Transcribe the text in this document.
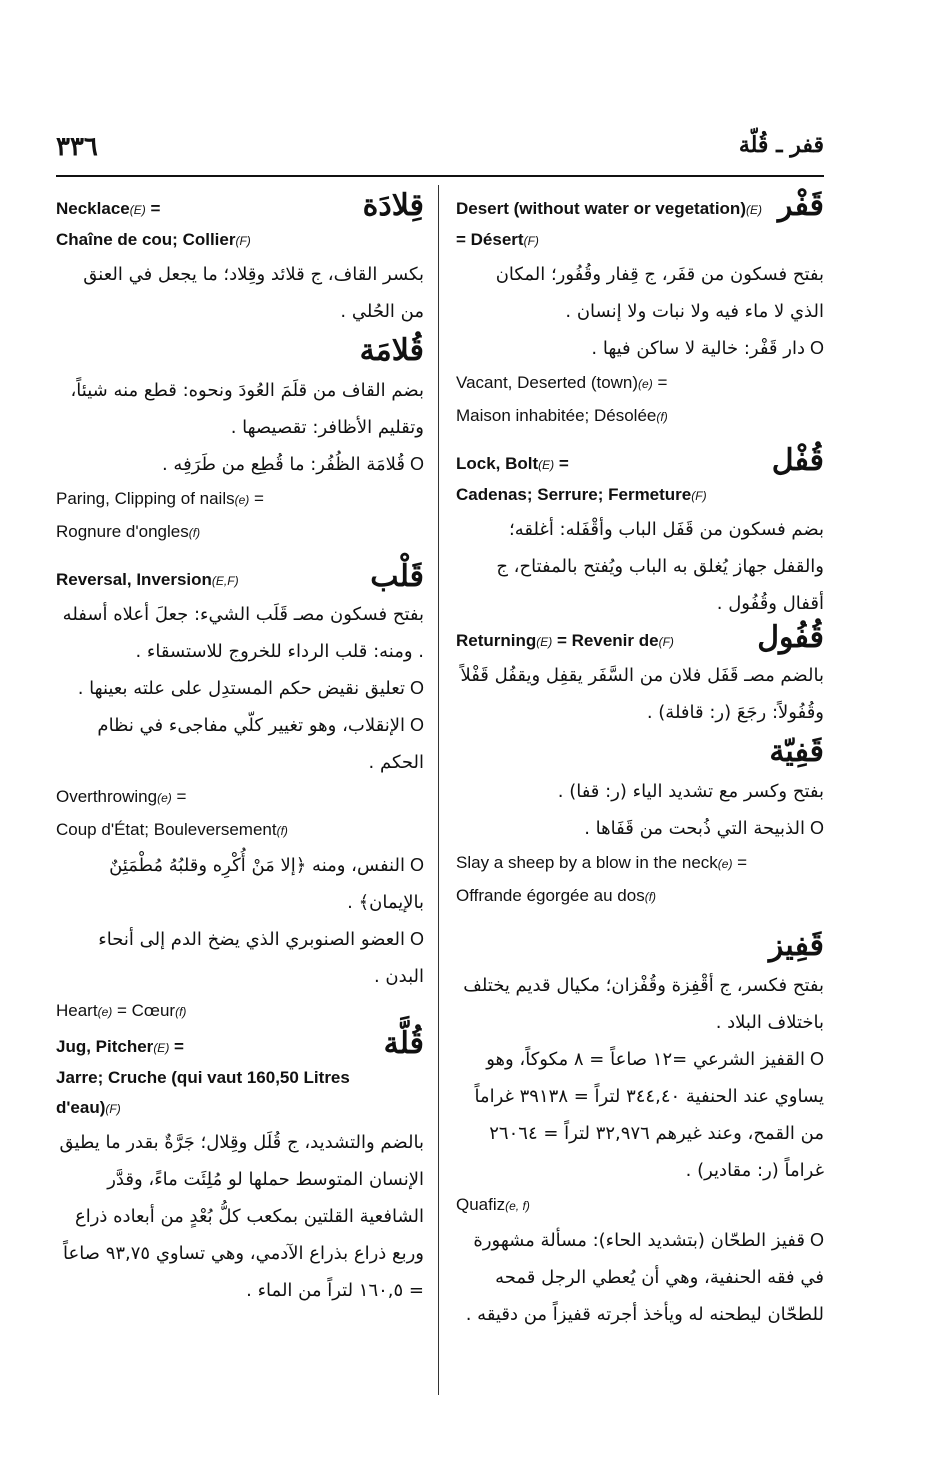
٣٣٦	قفر ـ قُلّة
قَفْر
Desert (without water or vegetation)(E) = Désert(F)
بفتح فسكون من قفَر، ج قِفار وقُفُور؛ المكان الذي لا ماء فيه ولا نبات ولا إنسان .
O دار قَفْر: خالية لا ساكن فيها .
Vacant, Deserted (town)(e) =
Maison inhabitée; Désolée(f)
قُفْل
Lock, Bolt(E) =
Cadenas; Serrure; Fermeture(F)
بضم فسكون من قَفَل الباب وأقْفَله: أغلقه؛ والقفل جهاز يُغلق به الباب ويُفتح بالمفتاح، ج أقفال وقُفُول .
قُفُول
Returning(E) = Revenir de(F)
بالضم مصـ قَفَل فلان من السَّفَر يقفِل ويقفُل قَفْلاً وقُفُولاً: رجَعَ (ر: قافلة) .
قَفِيّة
بفتح وكسر مع تشديد الياء (ر: قفا) .
O الذبيحة التي ذُبحت من قَفَاها .
Slay a sheep by a blow in the neck(e) =
Offrande égorgée au dos(f)
قَفِيز
بفتح فكسر، ج أقْفِزة وقُفْزان؛ مكيال قديم يختلف باختلاف البلاد .
O القفيز الشرعي =١٢ صاعاً = ٨ مكوكاً، وهو يساوي عند الحنفية ٣٤٤,٤٠ لتراً = ٣٩١٣٨ غراماً من القمح، وعند غيرهم ٣٢,٩٧٦ لتراً = ٢٦٠٦٤ غراماً (ر: مقادير) .
Quafiz(e, f)
O قفيز الطحّان (بتشديد الحاء): مسألة مشهورة في فقه الحنفية، وهي أن يُعطي الرجل قمحه للطحّان ليطحنه له ويأخذ أجرته قفيزاً من دقيقه .
قِلادَة
Necklace(E) =
Chaîne de cou; Collier(F)
بكسر القاف، ج قلائد وقِلاد؛ ما يجعل في العنق من الحُلي .
قُلامَة
بضم القاف من قلَمَ العُودَ ونحوه: قطع منه شيئاً، وتقليم الأظافر: تقصيصها .
O قُلامَة الظُفُر: ما قُطِع من طَرَفِه .
Paring, Clipping of nails(e) =
Rognure d'ongles(f)
قَلْب
Reversal, Inversion(E,F)
بفتح فسكون مصـ قَلَب الشيء: جعلَ أعلاه أسفله . ومنه: قلب الرداء للخروج للاستسقاء .
O تعليق نقيض حكم المستدِل على علته بعينها .
O الإنقلاب، وهو تغيير كلّي مفاجىء في نظام الحكم .
Overthrowing(e) =
Coup d'État; Bouleversement(f)
O النفس، ومنه ﴿إلا مَنْ أُكْرِه وقلبُهُ مُطْمَئِنٌ بالإيمان﴾ .
O العضو الصنوبري الذي يضخ الدم إلى أنحاء البدن .
Heart(e) = Cœur(f)
قُلَّة
Jug, Pitcher(E) =
Jarre; Cruche (qui vaut 160,50 Litres d'eau)(F)
بالضم والتشديد، ج قُلَل وقِلال؛ جَرَّةٌ بقدر ما يطيق الإنسان المتوسط حملها لو مُلِئَت ماءً، وقدَّر الشافعية القلتين بمكعب كلُّ بُعْدٍ من أبعاده ذراع وربع ذراع بذراع الآدمي، وهي تساوي ٩٣,٧٥ صاعاً = ١٦٠,٥ لتراً من الماء .
